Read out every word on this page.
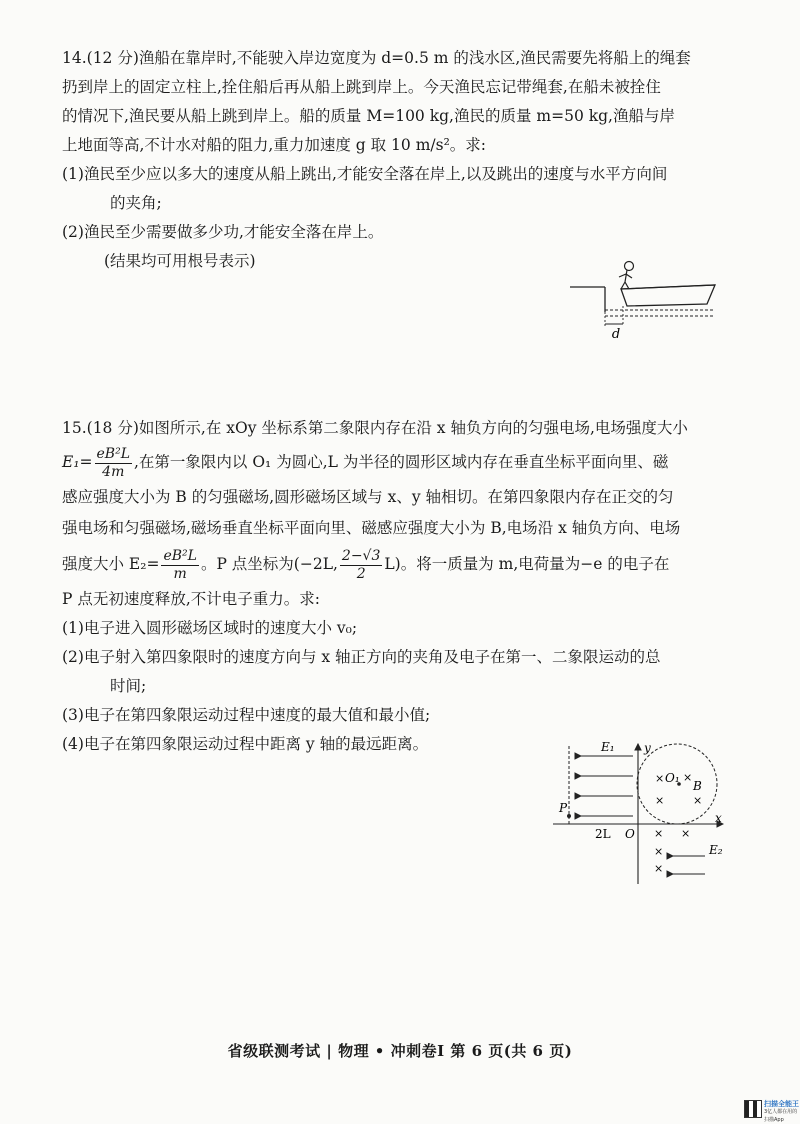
14.(12 分)渔船在靠岸时,不能驶入岸边宽度为 d=0.5 m 的浅水区,渔民需要先将船上的绳套

扔到岸上的固定立柱上,拴住船后再从船上跳到岸上。今天渔民忘记带绳套,在船未被拴住

的情况下,渔民要从船上跳到岸上。船的质量 M=100 kg,渔民的质量 m=50 kg,渔船与岸

上地面等高,不计水对船的阻力,重力加速度 g 取 10 m/s²。求:

(1)渔民至少应以多大的速度从船上跳出,才能安全落在岸上,以及跳出的速度与水平方向间

的夹角;

(2)渔民至少需要做多少功,才能安全落在岸上。

(结果均可用根号表示)

d

15.(18 分)如图所示,在 xOy 坐标系第二象限内存在沿 x 轴负方向的匀强电场,电场强度大小

$E_1= \frac{\text{eB²L}}{4m}$ ,在第一象限内以 O₁ 为圆心,L 为半径的圆形区域内存在垂直坐标平面向里、磁

感应强度大小为 B 的匀强磁场,圆形磁场区域与 x、y 轴相切。在第四象限内存在正交的匀

强电场和匀强磁场,磁场垂直坐标平面向里、磁感应强度大小为 B,电场沿 x 轴负方向、电场

强度大小 $E_2= \frac{\text{eB²L}}{m}$ 。P 点坐标为(−2L, $\frac{2-√3}{2} L$)。将一质量为 m,电荷量为−e 的电子在

P 点无初速度释放,不计电子重力。求:

(1)电子进入圆形磁场区域时的速度大小 v₀;

(2)电子射入第四象限时的速度方向与 x 轴正方向的夹角及电子在第一、二象限运动的总

时间;

(3)电子在第四象限运动过程中速度的最大值和最小值;

(4)电子在第四象限运动过程中距离 y 轴的最远距离。	E₁ y
x
O₁
B
× ×
×	×
P
2L O × ×
×
×
E₂
省级联测考试 | 物理 • 冲刺卷Ⅰ 第 6 页(共 6 页)
扫描全能王
3亿人都在用的扫描App
